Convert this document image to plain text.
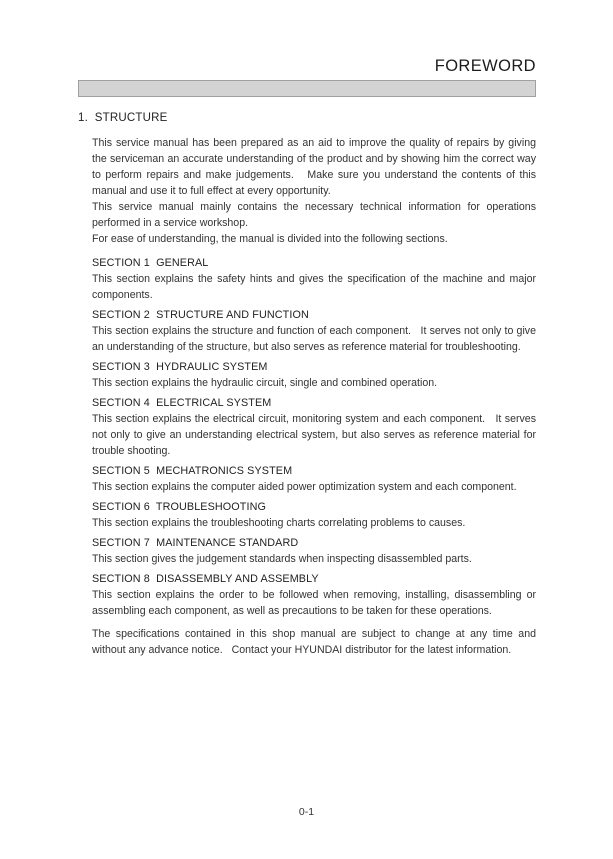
FOREWORD
1.  STRUCTURE

This service manual has been prepared as an aid to improve the quality of repairs by giving the serviceman an accurate understanding of the product and by showing him the correct way to perform repairs and make judgements.   Make sure you understand the contents of this manual and use it to full effect at every opportunity.

This service manual mainly contains the necessary technical information for operations performed in a service workshop.

For ease of understanding, the manual is divided into the following sections.

SECTION 1  GENERAL

This section explains the safety hints and gives the specification of the machine and major components.

SECTION 2  STRUCTURE AND FUNCTION

This section explains the structure and function of each component.   It serves not only to give an understanding of the structure, but also serves as reference material for troubleshooting.

SECTION 3  HYDRAULIC SYSTEM

This section explains the hydraulic circuit, single and combined operation.

SECTION 4  ELECTRICAL SYSTEM

This section explains the electrical circuit, monitoring system and each component.   It serves not only to give an understanding electrical system, but also serves as reference material for trouble shooting.

SECTION 5  MECHATRONICS SYSTEM

This section explains the computer aided power optimization system and each component.

SECTION 6  TROUBLESHOOTING

This section explains the troubleshooting charts correlating problems to causes.

SECTION 7  MAINTENANCE STANDARD

This section gives the judgement standards when inspecting disassembled parts.

SECTION 8  DISASSEMBLY AND ASSEMBLY

This section explains the order to be followed when removing, installing, disassembling or assembling each component, as well as precautions to be taken for these operations.

The specifications contained in this shop manual are subject to change at any time and without any advance notice.   Contact your HYUNDAI distributor for the latest information.

0-1
